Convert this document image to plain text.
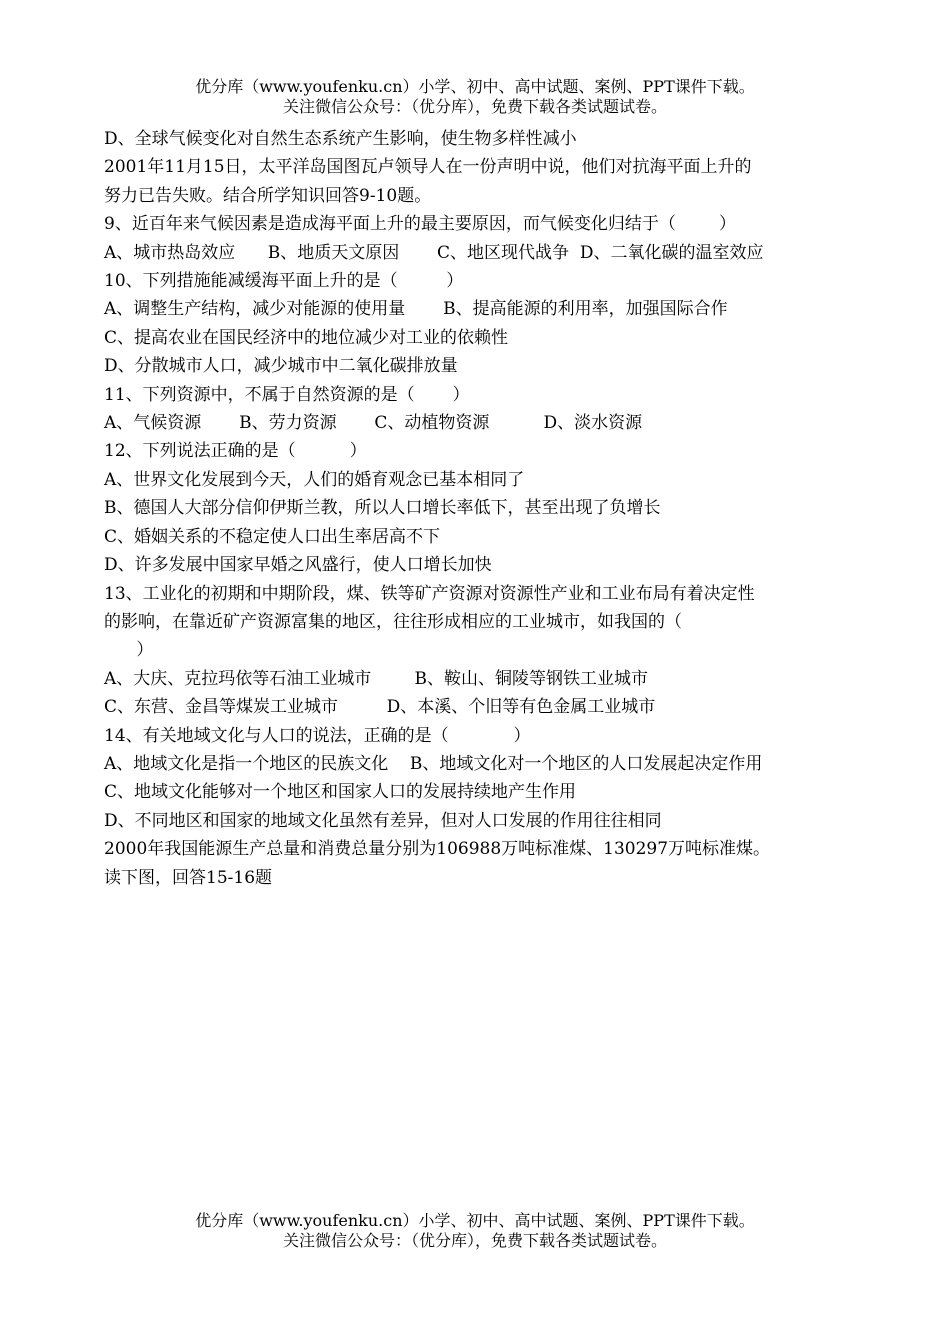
优分库（www.youfenku.cn）小学、初中、高中试题、案例、PPT课件下载。
关注微信公众号：（优分库），免费下载各类试题试卷。
D、全球气候变化对自然生态系统产生影响，使生物多样性减小
2001年11月15日，太平洋岛国图瓦卢领导人在一份声明中说，他们对抗海平面上升的
努力已告失败。结合所学知识回答9-10题。
9、近百年来气候因素是造成海平面上升的最主要原因，而气候变化归结于（        ）
A、城市热岛效应      B、地质天文原因       C、地区现代战争  D、二氧化碳的温室效应
10、下列措施能减缓海平面上升的是（         ）
A、调整生产结构，减少对能源的使用量       B、提高能源的利用率，加强国际合作
C、提高农业在国民经济中的地位减少对工业的依赖性
D、分散城市人口，减少城市中二氧化碳排放量
11、下列资源中，不属于自然资源的是（       ）
A、气候资源       B、劳力资源       C、动植物资源          D、淡水资源
12、下列说法正确的是（          ）
A、世界文化发展到今天，人们的婚育观念已基本相同了
B、德国人大部分信仰伊斯兰教，所以人口增长率低下，甚至出现了负增长
C、婚姻关系的不稳定使人口出生率居高不下
D、许多发展中国家早婚之风盛行，使人口增长加快
13、工业化的初期和中期阶段，煤、铁等矿产资源对资源性产业和工业布局有着决定性
的影响，在靠近矿产资源富集的地区，往往形成相应的工业城市，如我国的（
）
A、大庆、克拉玛依等石油工业城市        B、鞍山、铜陵等钢铁工业城市
C、东营、金昌等煤炭工业城市         D、本溪、个旧等有色金属工业城市
14、有关地域文化与人口的说法，正确的是（            ）
A、地域文化是指一个地区的民族文化    B、地域文化对一个地区的人口发展起决定作用
C、地域文化能够对一个地区和国家人口的发展持续地产生作用
D、不同地区和国家的地域文化虽然有差异，但对人口发展的作用往往相同
2000年我国能源生产总量和消费总量分别为106988万吨标准煤、130297万吨标准煤。
读下图，回答15-16题
优分库（www.youfenku.cn）小学、初中、高中试题、案例、PPT课件下载。
关注微信公众号：（优分库），免费下载各类试题试卷。
